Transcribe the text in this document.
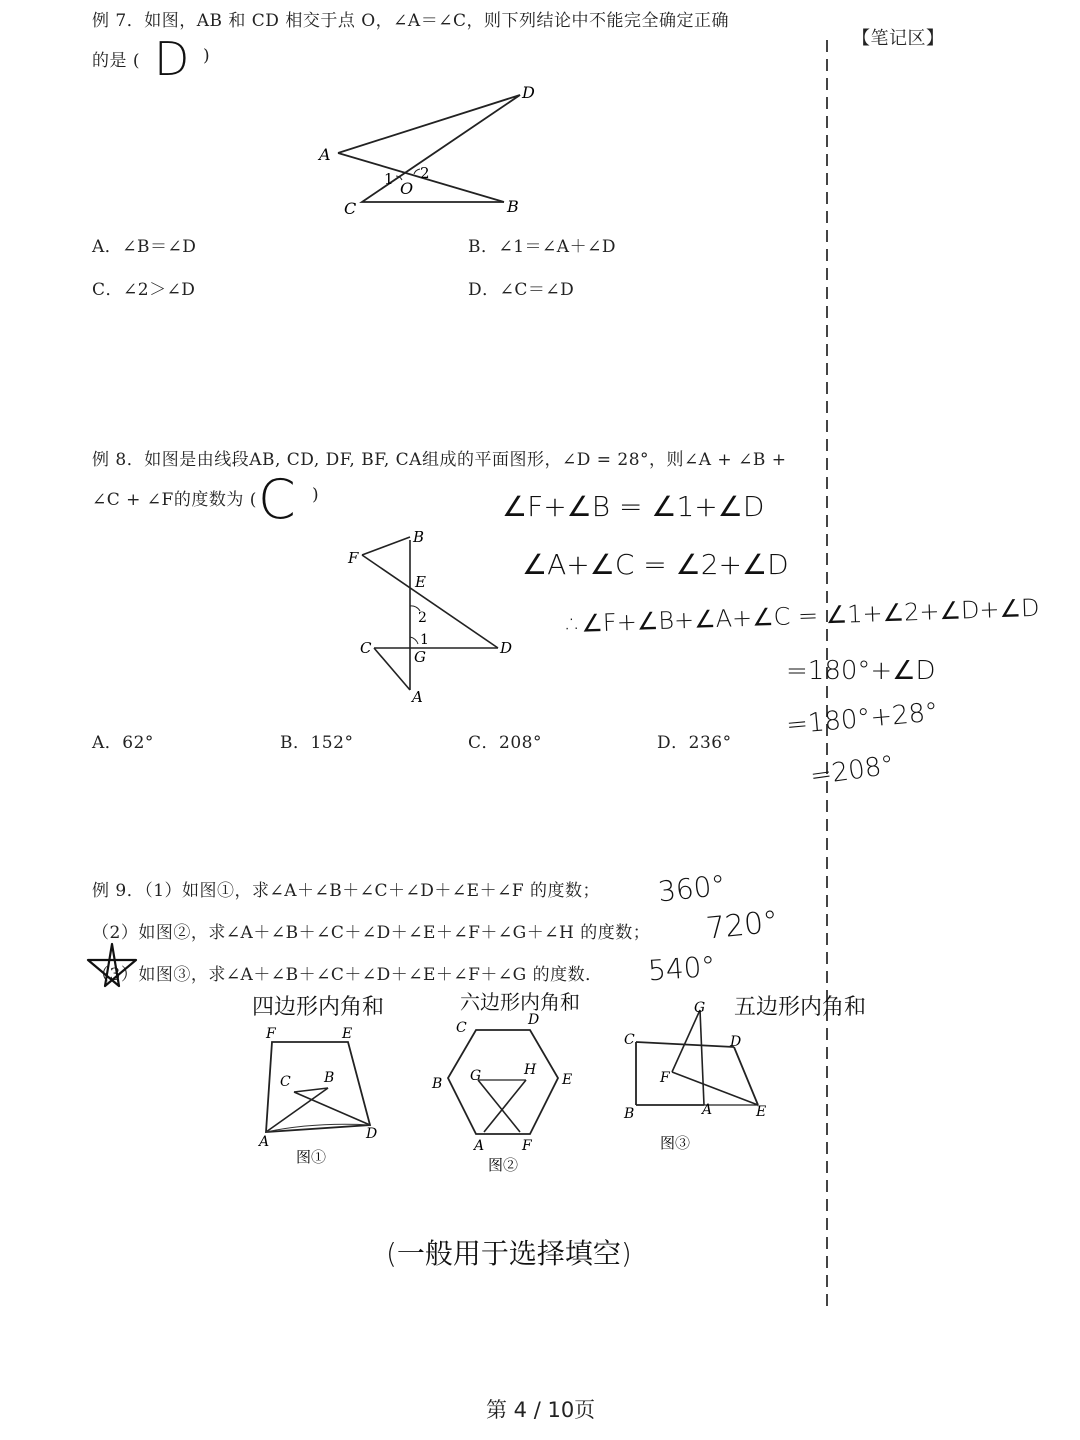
【笔记区】
例 7．如图，AB 和 CD 相交于点 O，∠A＝∠C，则下列结论中不能完全确定正确
的是 ( D )
A
D
C	B
O
1 2
A．∠B＝∠D	B．∠1＝∠A＋∠D
C．∠2＞∠D	D．∠C＝∠D
例 8．如图是由线段AB, CD, DF, BF, CA组成的平面图形，∠D = 28°，则∠A + ∠B +
∠C + ∠F的度数为 ( C )
B
F
E
2
1
C	G	D
A
A．62°	B．152°	C．208°	D．236°
∠F+∠B = ∠1+∠D
∠A+∠C = ∠2+∠D
∴∠F+∠B+∠A+∠C = ∠1+∠2+∠D+∠D
=180°+∠D
=180°+28°
=208°
例 9．（1）如图①，求∠A＋∠B＋∠C＋∠D＋∠E＋∠F 的度数；
（2）如图②，求∠A＋∠B＋∠C＋∠D＋∠E＋∠F＋∠G＋∠H 的度数；
（3）如图③，求∠A＋∠B＋∠C＋∠D＋∠E＋∠F＋∠G 的度数．
360°
720°
540°
四边形内角和	六边形内角和	五边形内角和
F	E
C B
A	D
图①
C	D
B	E
G	H
A	F
图②
G
C	D
F
B	A	E
图③
(一般用于选择填空)
第 4 / 10页
